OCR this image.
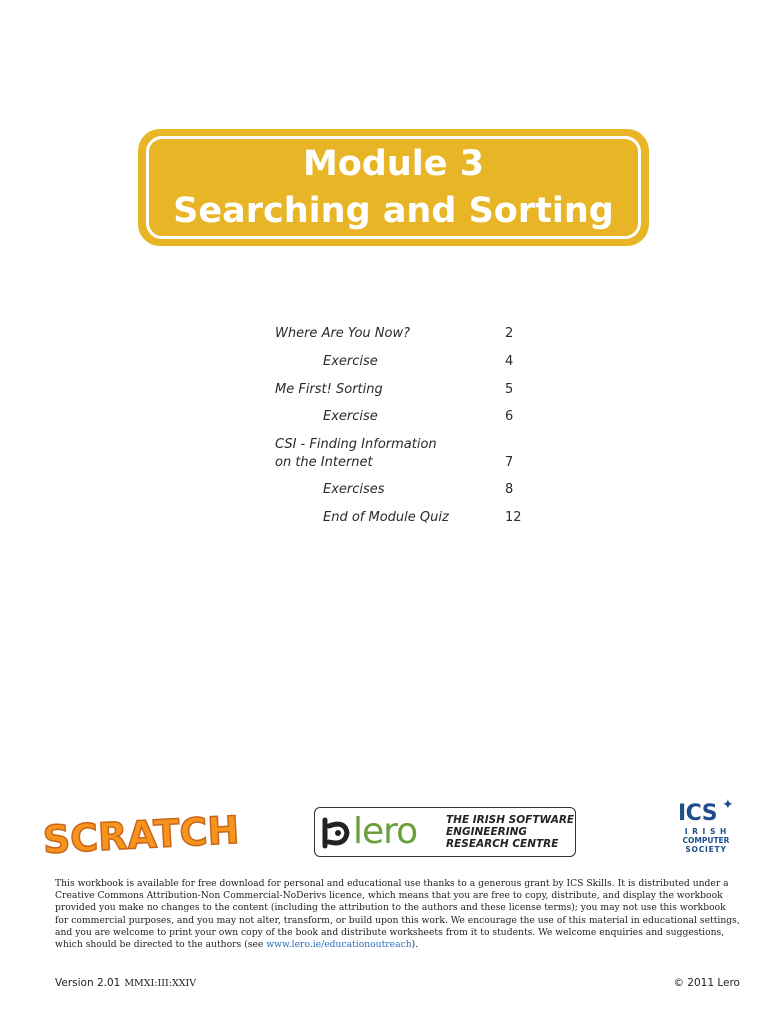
Module 3
Searching and Sorting
Where Are You Now?	2
Exercise	4
Me First! Sorting	5
Exercise	6
CSI - Finding Information
on the Internet	7
Exercises	8
End of Module Quiz	12
SCRATCH	lero	THE IRISH SOFTWARE
ENGINEERING
RESEARCH CENTRE
ICS ✦
I R I S H
COMPUTER
SOCIETY
This workbook is available for free download for personal and educational use thanks to a generous grant by ICS Skills. It is distributed under a Creative Commons Attribution-Non Commercial-NoDerivs licence, which means that you are free to copy, distribute, and display the workbook provided you make no changes to the content (including the attribution to the authors and these license terms); you may not use this workbook for commercial purposes, and you may not alter, transform, or build upon this work. We encourage the use of this material in educational settings, and you are welcome to print your own copy of the book and distribute worksheets from it to students. We welcome enquiries and suggestions, which should be directed to the authors (see www.lero.ie/educationoutreach).
Version 2.01 MMXI:III:XXIV	© 2011 Lero
